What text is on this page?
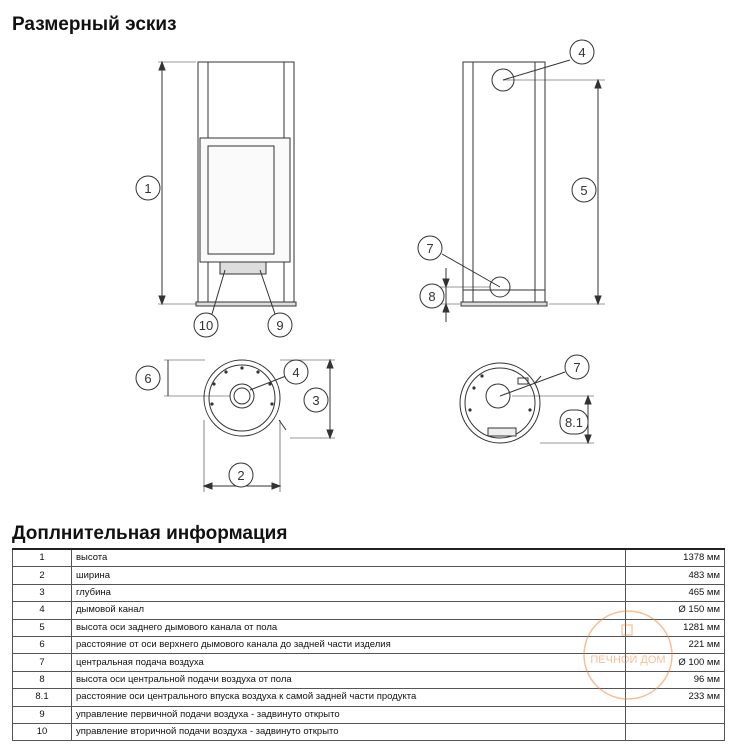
Размерный эскиз
1
10	9
4
5
7
8
6	4
3
2
7
8.1
Доплнительная информация
1	высота	1378 мм
2	ширина	483 мм
3	глубина	465 мм
4	дымовой канал	Ø 150 мм
5	высота оси заднего дымового канала от пола	1281 мм
6	расстояние от оси верхнего дымового канала до задней части изделия	221 мм
7	центральная подача воздуха	Ø 100 мм
8	высота оси центральной подачи воздуха от пола	96 мм
8.1	расстояние оси центрального впуска воздуха к самой задней части продукта	233 мм
9	управление первичной подачи воздуха - задвинуто открыто	
10	управление вторичной подачи воздуха - задвинуто открыто	
ПЕЧНОЙ ДОМ
